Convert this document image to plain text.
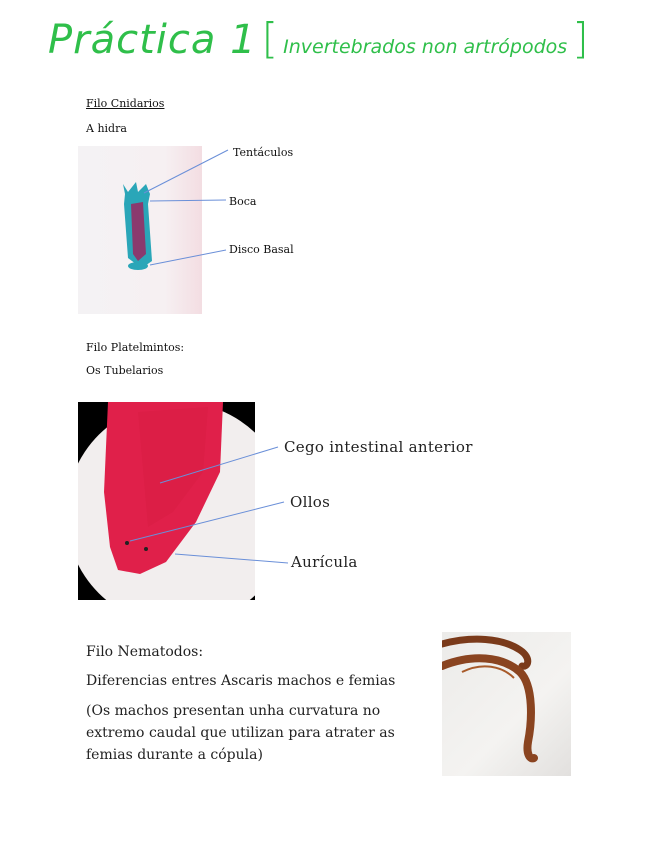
Práctica 1 [ Invertebrados non artrópodos ]
Filo Cnidarios
A hidra
Tentáculos
Boca
Disco Basal
Filo Platelmintos:
Os Tubelarios
Cego intestinal anterior
Ollos
Aurícula
Filo Nematodos:
Diferencias entres Ascaris machos e femias
(Os machos presentan unha curvatura no
extremo caudal que utilizan para atrater as
femias durante a cópula)
